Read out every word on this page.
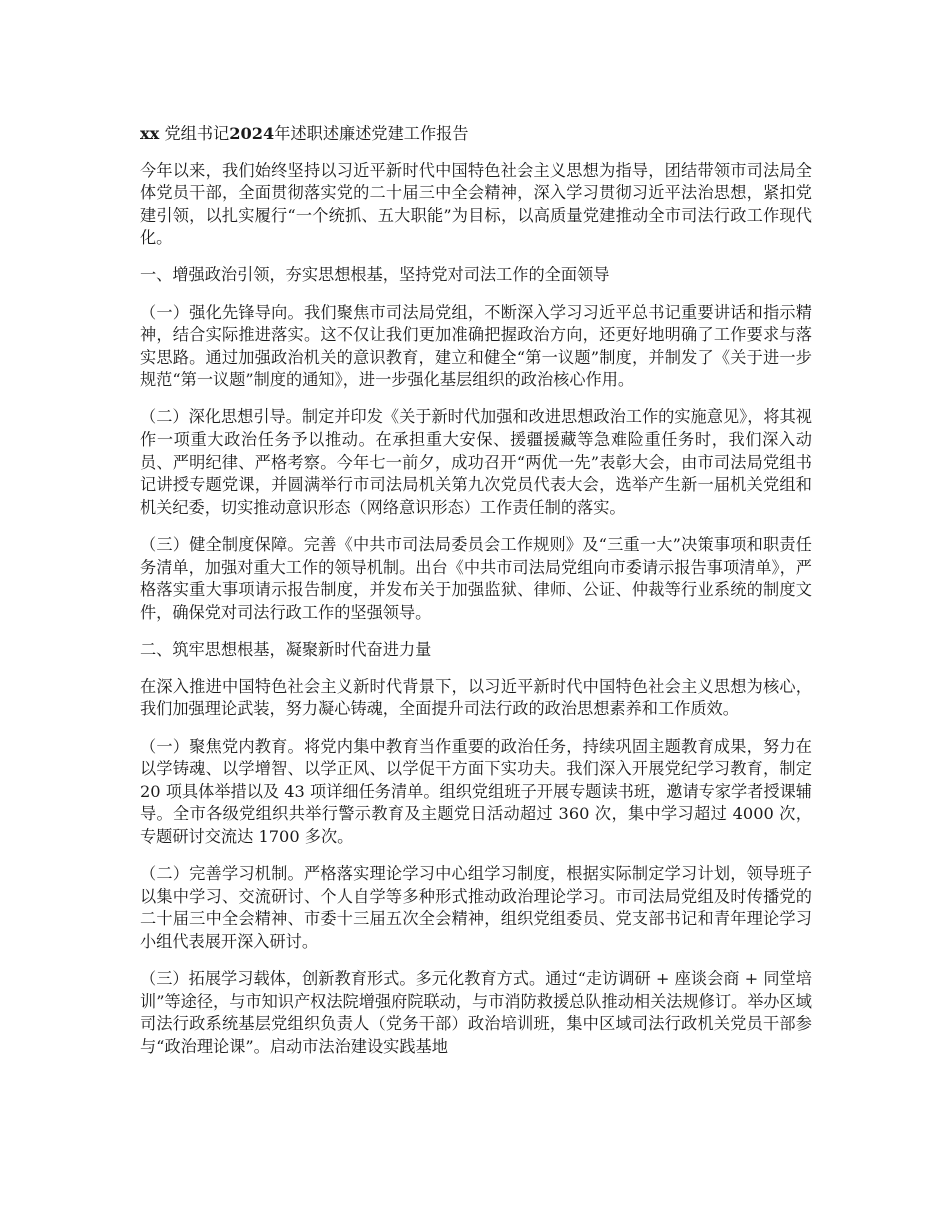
xx 党组书记2024年述职述廉述党建工作报告

今年以来，我们始终坚持以习近平新时代中国特色社会主义思想为指导，团结带领市司法局全体党员干部，全面贯彻落实党的二十届三中全会精神，深入学习贯彻习近平法治思想，紧扣党建引领，以扎实履行“一个统抓、五大职能”为目标，以高质量党建推动全市司法行政工作现代化。

一、增强政治引领，夯实思想根基，坚持党对司法工作的全面领导

（一）强化先锋导向。我们聚焦市司法局党组，不断深入学习习近平总书记重要讲话和指示精神，结合实际推进落实。这不仅让我们更加准确把握政治方向，还更好地明确了工作要求与落实思路。通过加强政治机关的意识教育，建立和健全“第一议题”制度，并制发了《关于进一步规范“第一议题”制度的通知》，进一步强化基层组织的政治核心作用。

（二）深化思想引导。制定并印发《关于新时代加强和改进思想政治工作的实施意见》，将其视作一项重大政治任务予以推动。在承担重大安保、援疆援藏等急难险重任务时，我们深入动员、严明纪律、严格考察。今年七一前夕，成功召开“两优一先”表彰大会，由市司法局党组书记讲授专题党课，并圆满举行市司法局机关第九次党员代表大会，选举产生新一届机关党组和机关纪委，切实推动意识形态（网络意识形态）工作责任制的落实。

（三）健全制度保障。完善《中共市司法局委员会工作规则》及“三重一大”决策事项和职责任务清单，加强对重大工作的领导机制。出台《中共市司法局党组向市委请示报告事项清单》，严格落实重大事项请示报告制度，并发布关于加强监狱、律师、公证、仲裁等行业系统的制度文件，确保党对司法行政工作的坚强领导。

二、筑牢思想根基，凝聚新时代奋进力量

在深入推进中国特色社会主义新时代背景下，以习近平新时代中国特色社会主义思想为核心，我们加强理论武装，努力凝心铸魂，全面提升司法行政的政治思想素养和工作质效。

（一）聚焦党内教育。将党内集中教育当作重要的政治任务，持续巩固主题教育成果，努力在以学铸魂、以学增智、以学正风、以学促干方面下实功夫。我们深入开展党纪学习教育，制定 20 项具体举措以及 43 项详细任务清单。组织党组班子开展专题读书班，邀请专家学者授课辅导。全市各级党组织共举行警示教育及主题党日活动超过 360 次，集中学习超过 4000 次，专题研讨交流达 1700 多次。

（二）完善学习机制。严格落实理论学习中心组学习制度，根据实际制定学习计划，领导班子以集中学习、交流研讨、个人自学等多种形式推动政治理论学习。市司法局党组及时传播党的二十届三中全会精神、市委十三届五次全会精神，组织党组委员、党支部书记和青年理论学习小组代表展开深入研讨。

（三）拓展学习载体，创新教育形式。多元化教育方式。通过“走访调研 + 座谈会商 + 同堂培训”等途径，与市知识产权法院增强府院联动，与市消防救援总队推动相关法规修订。举办区域司法行政系统基层党组织负责人（党务干部）政治培训班，集中区域司法行政机关党员干部参与“政治理论课”。启动市法治建设实践基地
